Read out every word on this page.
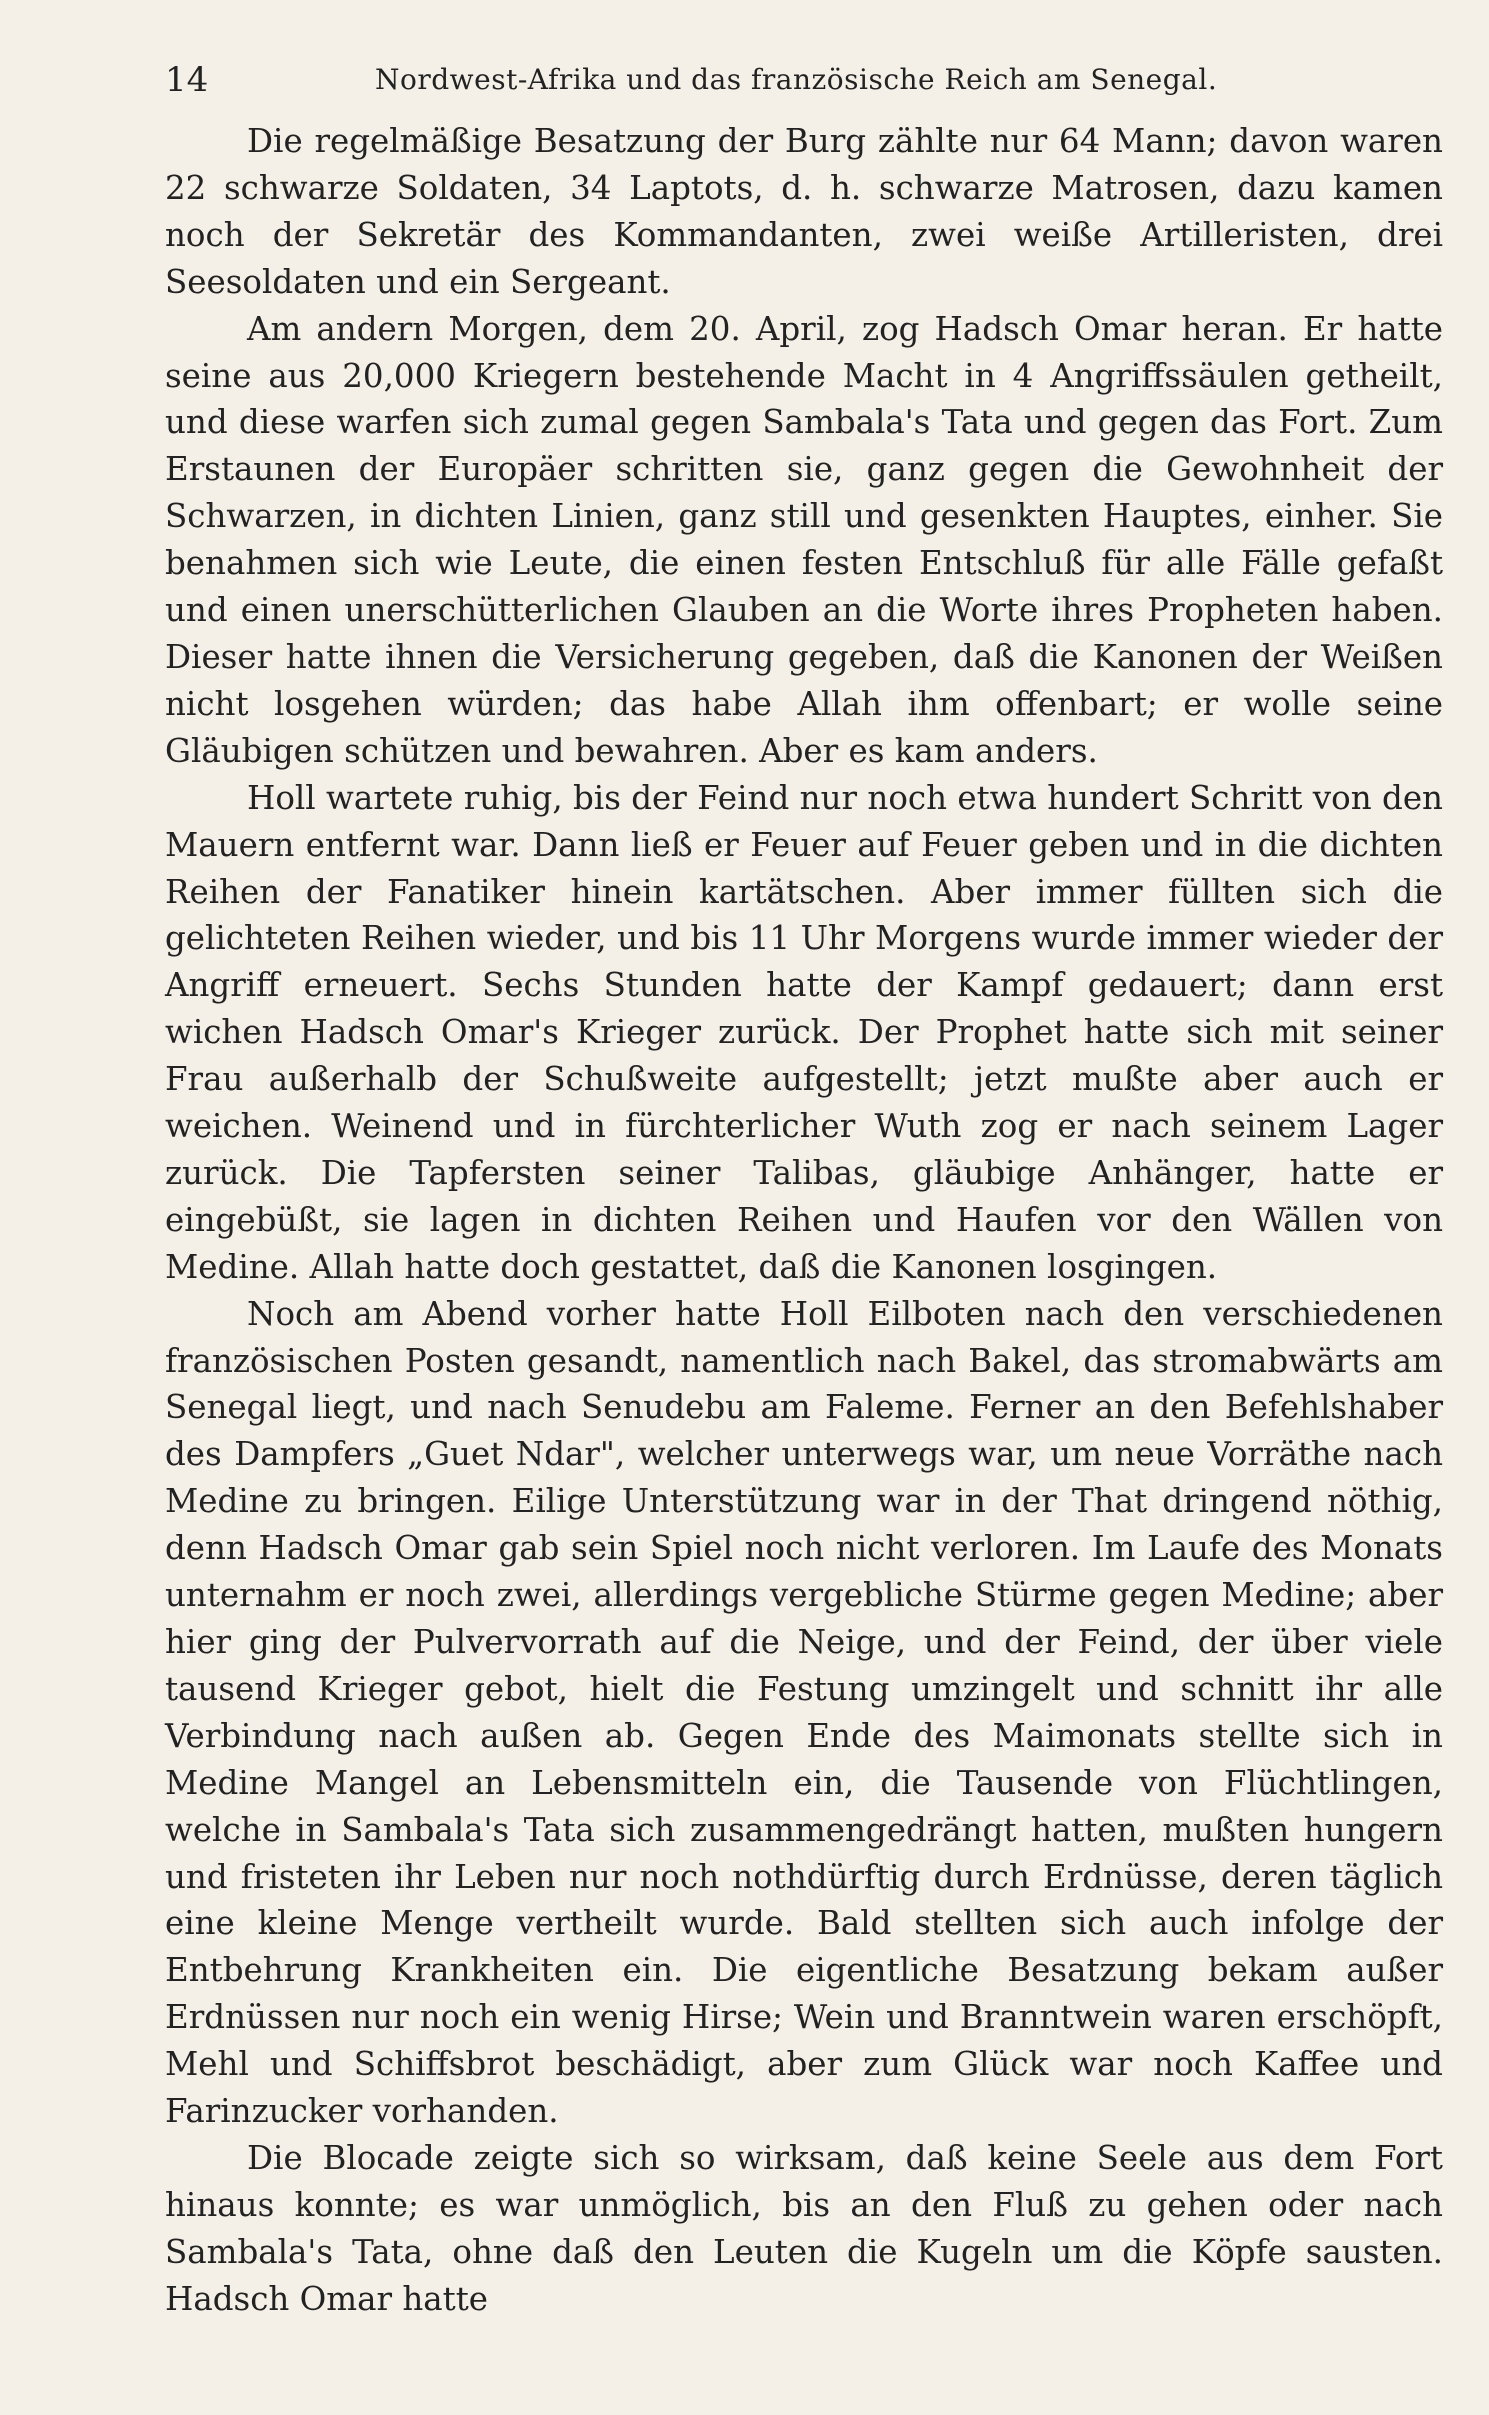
14	Nordwest-Afrika und das französische Reich am Senegal.

Die regelmäßige Besatzung der Burg zählte nur 64 Mann; davon waren 22 schwarze Soldaten, 34 Laptots, d. h. schwarze Matrosen, dazu kamen noch der Sekretär des Kommandanten, zwei weiße Artilleristen, drei Seesoldaten und ein Sergeant.

Am andern Morgen, dem 20. April, zog Hadsch Omar heran. Er hatte seine aus 20,000 Kriegern bestehende Macht in 4 Angriffssäulen getheilt, und diese warfen sich zumal gegen Sambala's Tata und gegen das Fort. Zum Erstaunen der Europäer schritten sie, ganz gegen die Gewohnheit der Schwarzen, in dichten Linien, ganz still und gesenkten Hauptes, einher. Sie benahmen sich wie Leute, die einen festen Entschluß für alle Fälle gefaßt und einen unerschütterlichen Glauben an die Worte ihres Propheten haben. Dieser hatte ihnen die Versicherung gegeben, daß die Kanonen der Weißen nicht losgehen würden; das habe Allah ihm offenbart; er wolle seine Gläubigen schützen und bewahren. Aber es kam anders.

Holl wartete ruhig, bis der Feind nur noch etwa hundert Schritt von den Mauern entfernt war. Dann ließ er Feuer auf Feuer geben und in die dichten Reihen der Fanatiker hinein kartätschen. Aber immer füllten sich die gelichteten Reihen wieder, und bis 11 Uhr Morgens wurde immer wieder der Angriff erneuert. Sechs Stunden hatte der Kampf gedauert; dann erst wichen Hadsch Omar's Krieger zurück. Der Prophet hatte sich mit seiner Frau außerhalb der Schußweite aufgestellt; jetzt mußte aber auch er weichen. Weinend und in fürchterlicher Wuth zog er nach seinem Lager zurück. Die Tapfersten seiner Talibas, gläubige Anhänger, hatte er eingebüßt, sie lagen in dichten Reihen und Haufen vor den Wällen von Medine. Allah hatte doch gestattet, daß die Kanonen losgingen.

Noch am Abend vorher hatte Holl Eilboten nach den verschiedenen französischen Posten gesandt, namentlich nach Bakel, das stromabwärts am Senegal liegt, und nach Senudebu am Faleme. Ferner an den Befehlshaber des Dampfers „Guet Ndar", welcher unterwegs war, um neue Vorräthe nach Medine zu bringen. Eilige Unterstützung war in der That dringend nöthig, denn Hadsch Omar gab sein Spiel noch nicht verloren. Im Laufe des Monats unternahm er noch zwei, allerdings vergebliche Stürme gegen Medine; aber hier ging der Pulvervorrath auf die Neige, und der Feind, der über viele tausend Krieger gebot, hielt die Festung umzingelt und schnitt ihr alle Verbindung nach außen ab. Gegen Ende des Maimonats stellte sich in Medine Mangel an Lebensmitteln ein, die Tausende von Flüchtlingen, welche in Sambala's Tata sich zusammengedrängt hatten, mußten hungern und fristeten ihr Leben nur noch nothdürftig durch Erdnüsse, deren täglich eine kleine Menge vertheilt wurde. Bald stellten sich auch infolge der Entbehrung Krankheiten ein. Die eigentliche Besatzung bekam außer Erdnüssen nur noch ein wenig Hirse; Wein und Branntwein waren erschöpft, Mehl und Schiffsbrot beschädigt, aber zum Glück war noch Kaffee und Farinzucker vorhanden.

Die Blocade zeigte sich so wirksam, daß keine Seele aus dem Fort hinaus konnte; es war unmöglich, bis an den Fluß zu gehen oder nach Sambala's Tata, ohne daß den Leuten die Kugeln um die Köpfe sausten. Hadsch Omar hatte
